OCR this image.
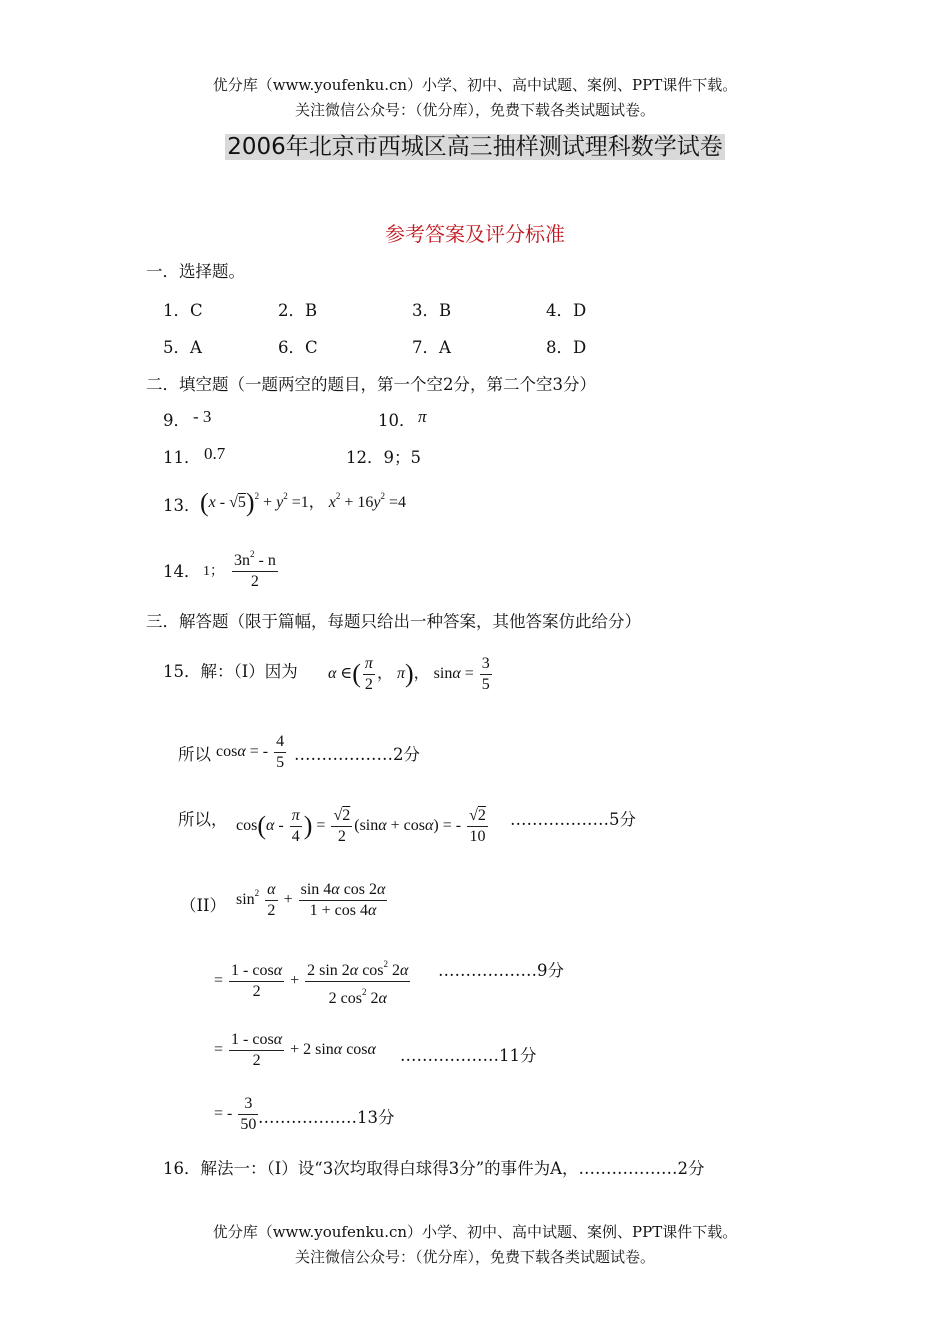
优分库（www.youfenku.cn）小学、初中、高中试题、案例、PPT课件下载。
关注微信公众号：（优分库），免费下载各类试题试卷。
2006年北京市西城区高三抽样测试理科数学试卷
参考答案及评分标准
一．选择题。
1．C	2．B	3．B	4．D
5．A	6．C	7．A	8．D
二．填空题（一题两空的题目，第一个空2分，第二个空3分）
9． - 3	10． π
11． 0.7	12．9；5
13． $(x - √5)^2 + y^2 =1$， $x^2 + 16y^2 =4$
14． 1； $\frac{3n^2 - n}{2}$
三．解答题（限于篇幅，每题只给出一种答案，其他答案仿此给分）
15．解：（I）因为 α ∈( $\frac{\pi}{2}$ ， π)， $\sin\alpha = \frac{3}{5}$
所以 cosα = - $\frac{4}{5}$ ………………2分
所以， $\cos(\alpha - \frac{\pi}{4}$ ) = $\frac{√2}{2} (\sin\alpha + \cos\alpha)$ = - $\frac{√2}{10}$ ………………5分
（II） $\sin^2 \frac{\alpha}{2} + \frac{\text{sin 4α cos 2α}}{1 + \cos 4\alpha}$
= $\frac{1 - \cos\alpha}{2} + \frac{2 \sin 2\alpha \cos^2 2\alpha}{2 \cos^2 2\alpha}$ ………………9分
= $\frac{1 - \cos\alpha}{2} + 2$ sinα cosα ………………11分
= - $\frac{3}{50}$ ………………13分
16．解法一：（I）设“3次均取得白球得3分”的事件为A，………………2分
优分库（www.youfenku.cn）小学、初中、高中试题、案例、PPT课件下载。
关注微信公众号：（优分库），免费下载各类试题试卷。
